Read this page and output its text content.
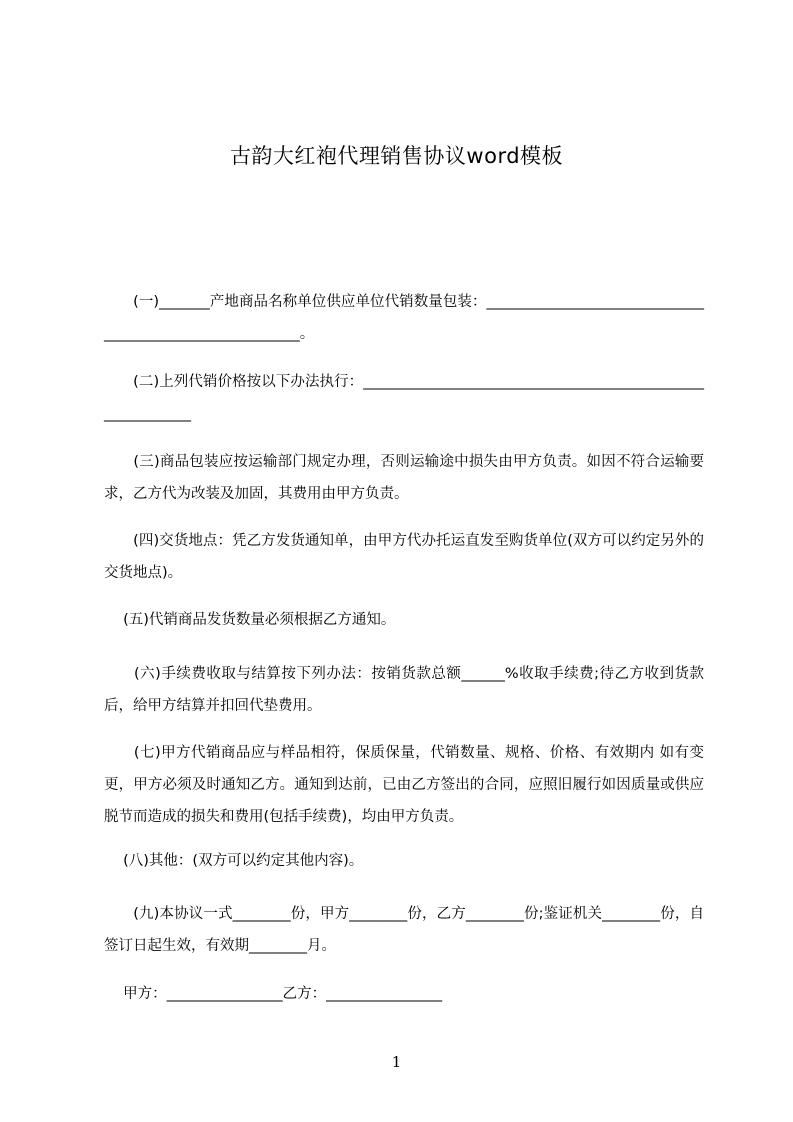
古韵大红袍代理销售协议word模板
　　(一)_______产地商品名称单位供应单位代销数量包装：_________________________________________________________。
　　(二)上列代销价格按以下办法执行：___________________________________________________________
　　(三)商品包装应按运输部门规定办理，否则运输途中损失由甲方负责。如因不符合运输要求，乙方代为改装及加固，其费用由甲方负责。
　　(四)交货地点：凭乙方发货通知单，由甲方代办托运直发至购货单位(双方可以约定另外的交货地点)。
　 (五)代销商品发货数量必须根据乙方通知。
　　(六)手续费收取与结算按下列办法：按销货款总额______%收取手续费;待乙方收到货款后，给甲方结算并扣回代垫费用。
　　(七)甲方代销商品应与样品相符，保质保量，代销数量、规格、价格、有效期内 如有变更，甲方必须及时通知乙方。通知到达前，已由乙方签出的合同，应照旧履行如因质量或供应脱节而造成的损失和费用(包括手续费)，均由甲方负责。
　 (八)其他：(双方可以约定其他内容)。
　　(九)本协议一式________份，甲方________份，乙方________份;鉴证机关________份，自签订日起生效，有效期________月。
　 甲方：________________乙方：________________
1
